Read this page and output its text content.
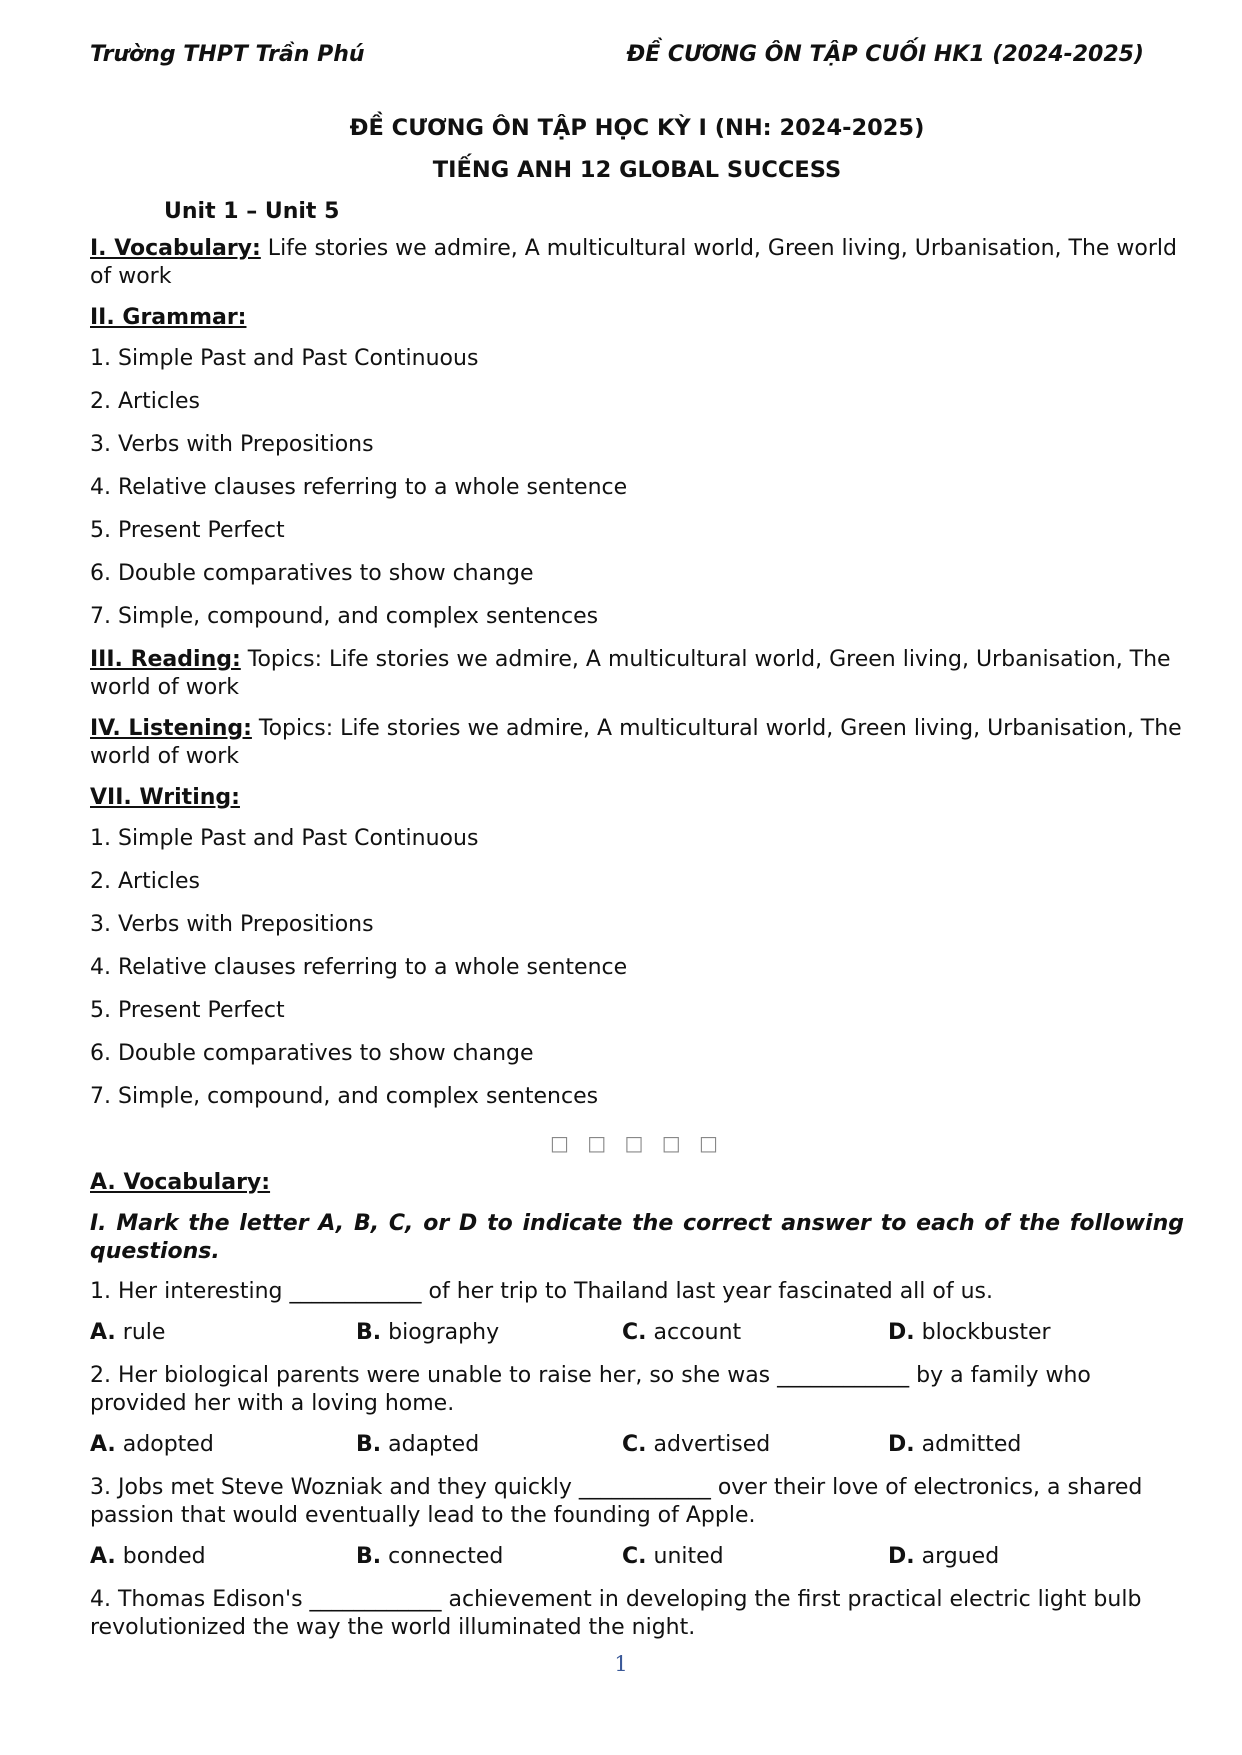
Trường THPT Trần Phú	ĐỀ CƯƠNG ÔN TẬP CUỐI HK1 (2024-2025)
ĐỀ CƯƠNG ÔN TẬP HỌC KỲ I (NH: 2024-2025)
TIẾNG ANH 12 GLOBAL SUCCESS
Unit 1 – Unit 5
I. Vocabulary: Life stories we admire, A multicultural world, Green living, Urbanisation, The world of work
II. Grammar:
1. Simple Past and Past Continuous
2. Articles
3. Verbs with Prepositions
4. Relative clauses referring to a whole sentence
5. Present Perfect
6. Double comparatives to show change
7. Simple, compound, and complex sentences
III. Reading: Topics: Life stories we admire, A multicultural world, Green living, Urbanisation, The world of work
IV. Listening: Topics: Life stories we admire, A multicultural world, Green living, Urbanisation, The world of work
VII. Writing:
1. Simple Past and Past Continuous
2. Articles
3. Verbs with Prepositions
4. Relative clauses referring to a whole sentence
5. Present Perfect
6. Double comparatives to show change
7. Simple, compound, and complex sentences
□ □ □ □ □
A. Vocabulary:
I. Mark the letter A, B, C, or D to indicate the correct answer to each of the following questions.
1. Her interesting ____________ of her trip to Thailand last year fascinated all of us.
A. rule	B. biography	C. account	D. blockbuster
2. Her biological parents were unable to raise her, so she was ____________ by a family who provided her with a loving home.
A. adopted	B. adapted	C. advertised	D. admitted
3. Jobs met Steve Wozniak and they quickly ____________ over their love of electronics, a shared passion that would eventually lead to the founding of Apple.
A. bonded	B. connected	C. united	D. argued
4. Thomas Edison's ____________ achievement in developing the first practical electric light bulb revolutionized the way the world illuminated the night.
1
